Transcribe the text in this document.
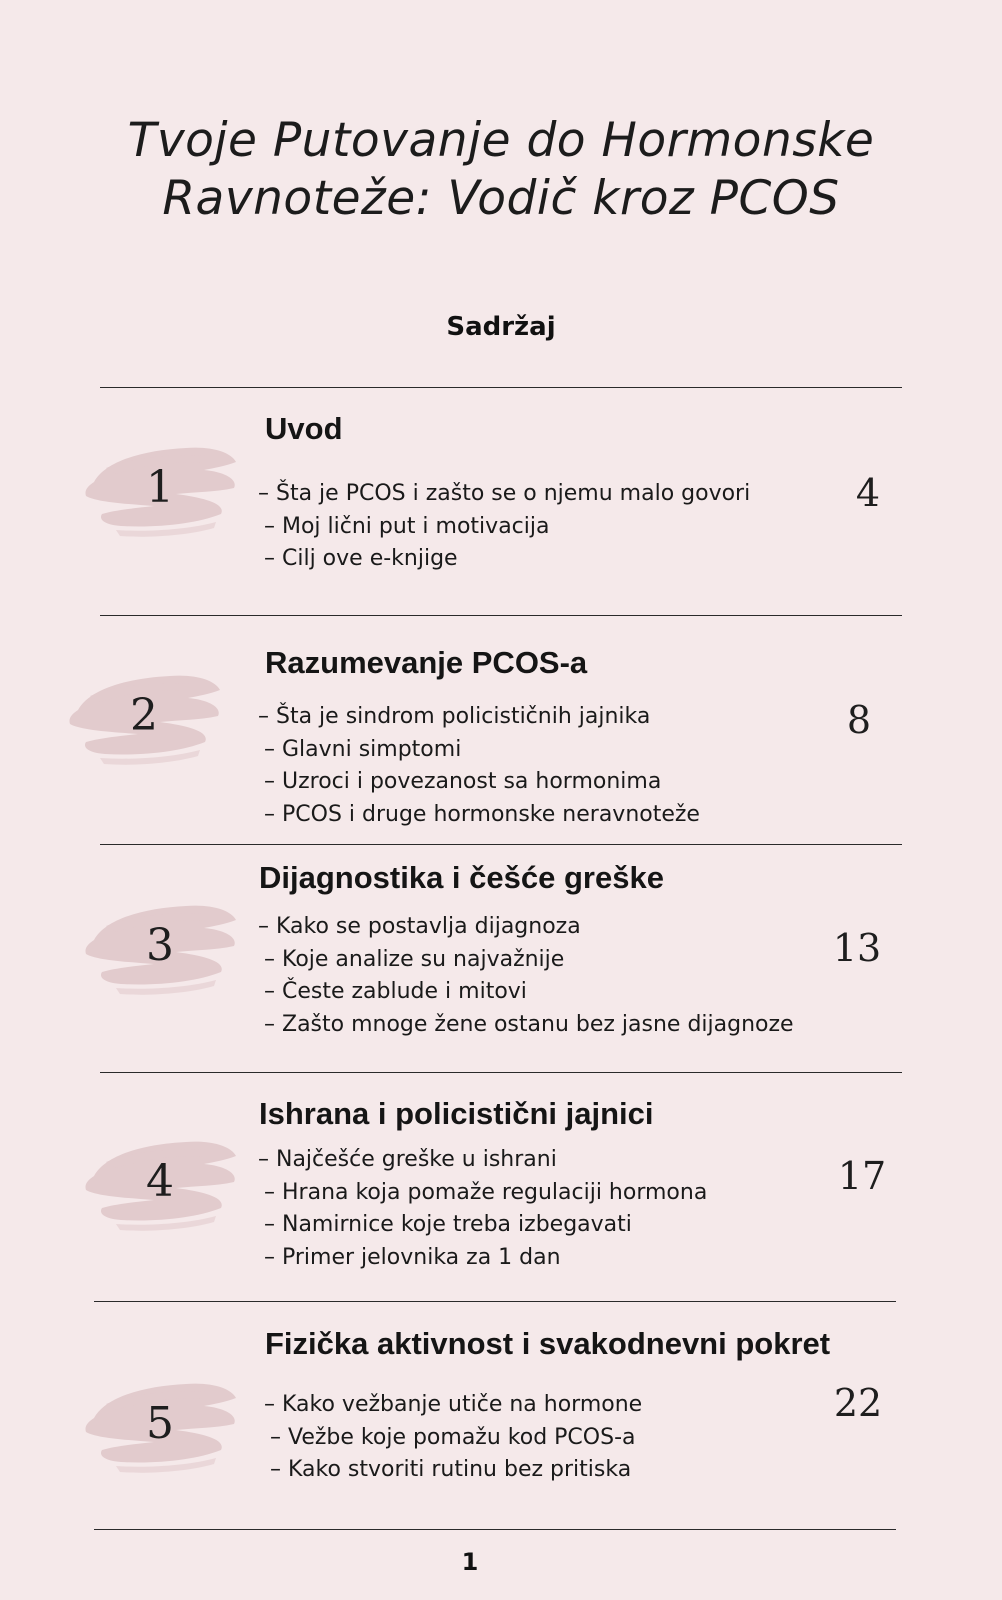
Tvoje Putovanje do Hormonske
Ravnoteže: Vodič kroz PCOS
Sadržaj
1
Uvod
– Šta je PCOS i zašto se o njemu malo govori
– Moj lični put i motivacija
– Cilj ove e-knjige
4
2
Razumevanje PCOS-a
– Šta je sindrom policističnih jajnika
– Glavni simptomi
– Uzroci i povezanost sa hormonima
– PCOS i druge hormonske neravnoteže
8
3
Dijagnostika i češće greške
– Kako se postavlja dijagnoza
– Koje analize su najvažnije
– Česte zablude i mitovi
– Zašto mnoge žene ostanu bez jasne dijagnoze
13
4
Ishrana i policistični jajnici
– Najčešće greške u ishrani
– Hrana koja pomaže regulaciji hormona
– Namirnice koje treba izbegavati
– Primer jelovnika za 1 dan
17
5
Fizička aktivnost i svakodnevni pokret
– Kako vežbanje utiče na hormone
– Vežbe koje pomažu kod PCOS-a
– Kako stvoriti rutinu bez pritiska
22
1
